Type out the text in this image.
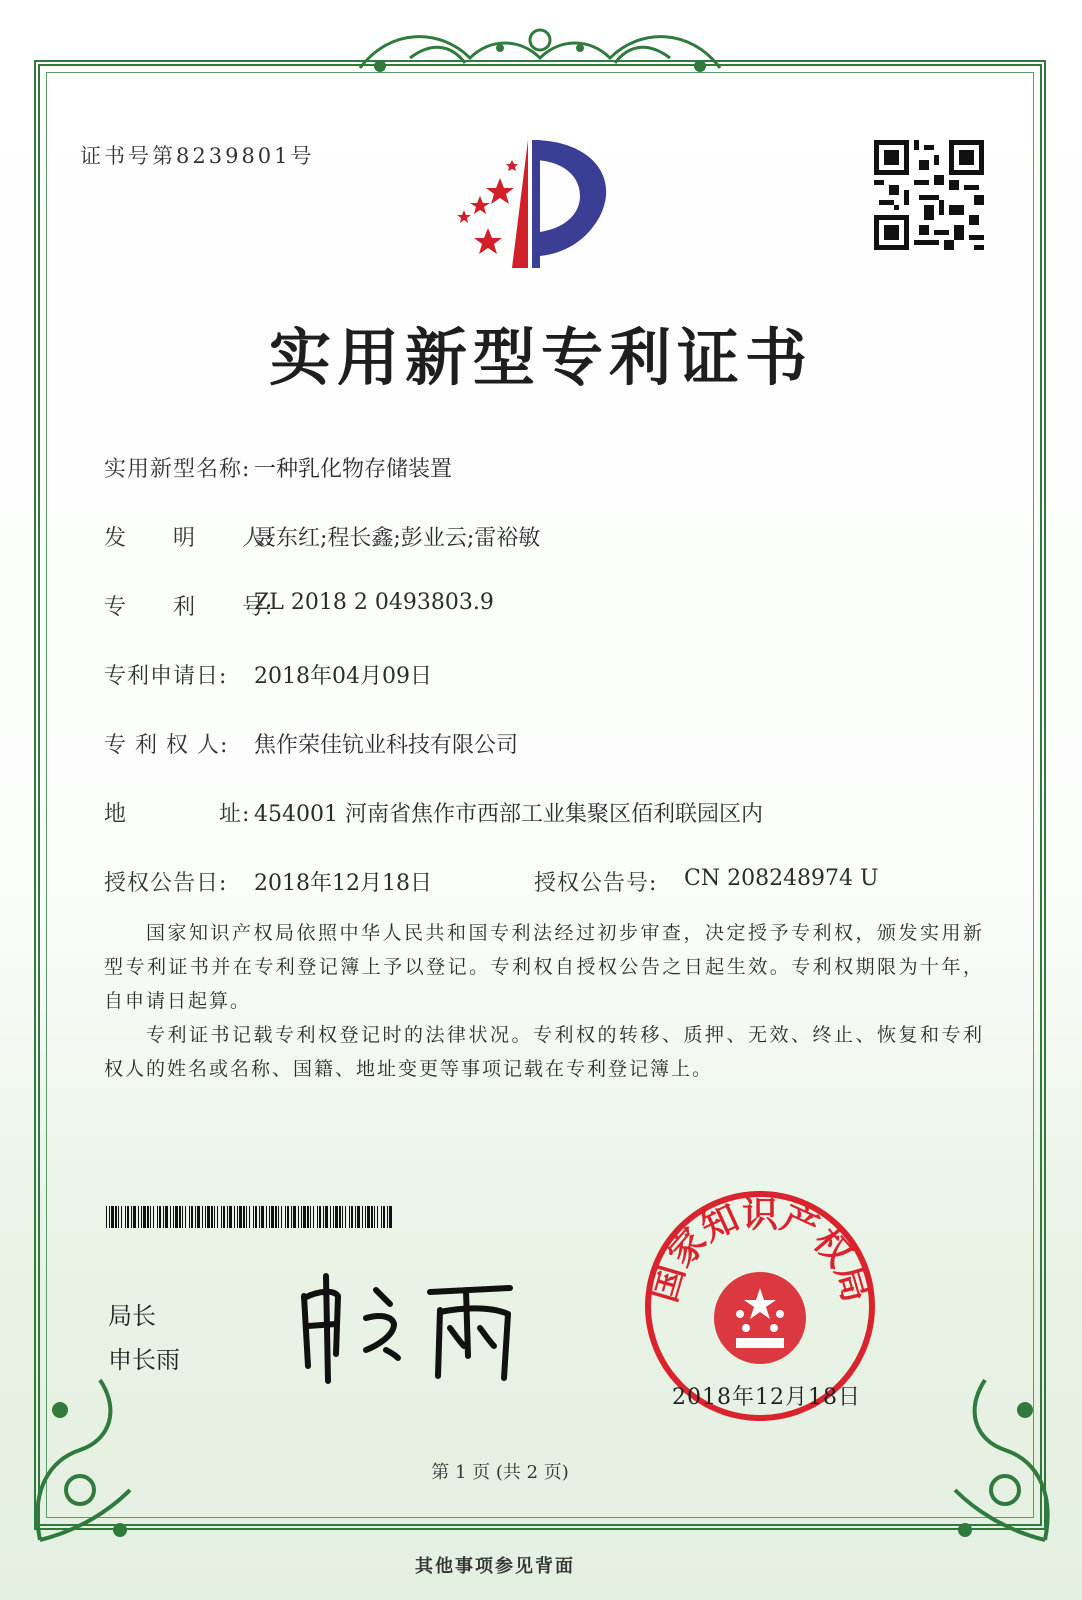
证书号第8239801号
实用新型专利证书
实用新型名称: 一种乳化物存储装置
发　　明　　人:
聂东红;程长鑫;彭业云;雷裕敏
专　　利　　号:
ZL 2018 2 0493803.9
专利申请日: 2018年04月09日
专 利 权 人: 焦作荣佳钪业科技有限公司
地　　　　址: 454001 河南省焦作市西部工业集聚区佰利联园区内
授权公告日: 2018年12月18日	授权公告号: CN 208248974 U
国家知识产权局依照中华人民共和国专利法经过初步审查，决定授予专利权，颁发实用新型专利证书并在专利登记簿上予以登记。专利权自授权公告之日起生效。专利权期限为十年，自申请日起算。
专利证书记载专利权登记时的法律状况。专利权的转移、质押、无效、终止、恢复和专利权人的姓名或名称、国籍、地址变更等事项记载在专利登记簿上。
局长
申长雨
国家知识产权局
2018年12月18日
第 1 页 (共 2 页)
其他事项参见背面
